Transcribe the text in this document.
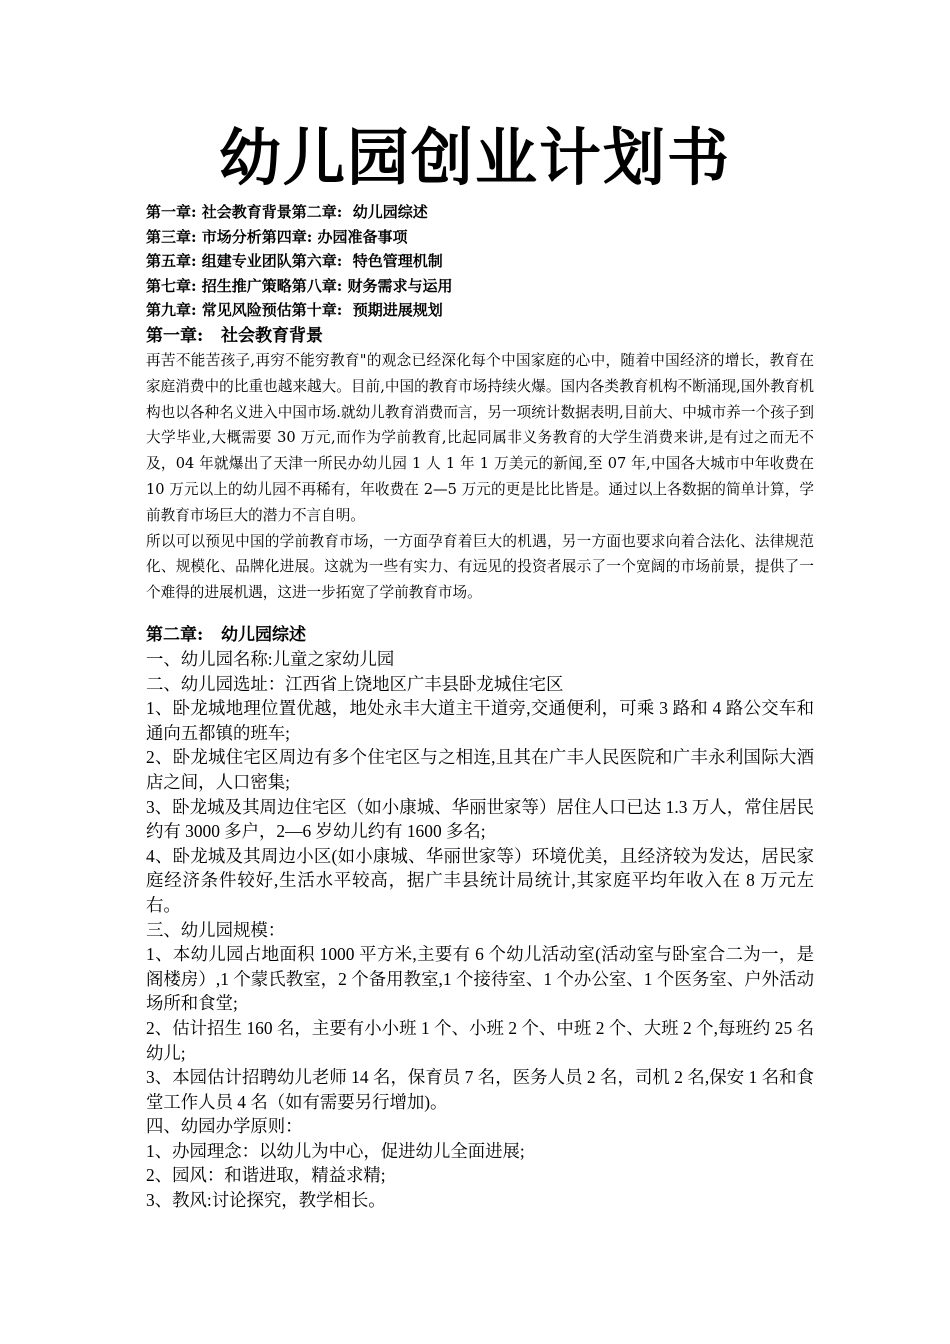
幼儿园创业计划书

第一章: 社会教育背景第二章:  幼儿园综述

第三章: 市场分析第四章: 办园准备事项

第五章: 组建专业团队第六章:  特色管理机制

第七章: 招生推广策略第八章: 财务需求与运用

第九章: 常见风险预估第十章:  预期进展规划

第一章:   社会教育背景

再苦不能苦孩子,再穷不能穷教育"的观念已经深化每个中国家庭的心中，随着中国经济的增长，教育在家庭消费中的比重也越来越大。目前,中国的教育市场持续火爆。国内各类教育机构不断涌现,国外教育机构也以各种名义进入中国市场.就幼儿教育消费而言，另一项统计数据表明,目前大、中城市养一个孩子到大学毕业,大概需要 30 万元,而作为学前教育,比起同属非义务教育的大学生消费来讲,是有过之而无不及，04 年就爆出了天津一所民办幼儿园 1 人 1 年 1 万美元的新闻,至 07 年,中国各大城市中年收费在 10 万元以上的幼儿园不再稀有，年收费在 2—5 万元的更是比比皆是。通过以上各数据的简单计算，学前教育市场巨大的潜力不言自明。

所以可以预见中国的学前教育市场，一方面孕育着巨大的机遇，另一方面也要求向着合法化、法律规范化、规模化、品牌化进展。这就为一些有实力、有远见的投资者展示了一个宽阔的市场前景，提供了一个难得的进展机遇，这进一步拓宽了学前教育市场。

第二章:   幼儿园综述

一、幼儿园名称:儿童之家幼儿园

二、幼儿园选址：江西省上饶地区广丰县卧龙城住宅区

1、卧龙城地理位置优越，地处永丰大道主干道旁,交通便利，可乘 3 路和 4 路公交车和通向五都镇的班车;

2、卧龙城住宅区周边有多个住宅区与之相连,且其在广丰人民医院和广丰永利国际大酒店之间，人口密集;

3、卧龙城及其周边住宅区（如小康城、华丽世家等）居住人口已达 1.3 万人，常住居民约有 3000 多户，2—6 岁幼儿约有 1600 多名;

4、卧龙城及其周边小区(如小康城、华丽世家等）环境优美，且经济较为发达，居民家庭经济条件较好,生活水平较高，据广丰县统计局统计,其家庭平均年收入在 8 万元左右。

三、幼儿园规模：

1、本幼儿园占地面积 1000 平方米,主要有 6 个幼儿活动室(活动室与卧室合二为一，是阁楼房）,1 个蒙氏教室，2 个备用教室,1 个接待室、1 个办公室、1 个医务室、户外活动场所和食堂;

2、估计招生 160 名，主要有小小班 1 个、小班 2 个、中班 2 个、大班 2 个,每班约 25 名幼儿;

3、本园估计招聘幼儿老师 14 名，保育员 7 名，医务人员 2 名，司机 2 名,保安 1 名和食堂工作人员 4 名（如有需要另行增加)。

四、幼园办学原则：

1、办园理念：以幼儿为中心，促进幼儿全面进展;

2、园风：和谐进取，精益求精;

3、教风:讨论探究，教学相长。
